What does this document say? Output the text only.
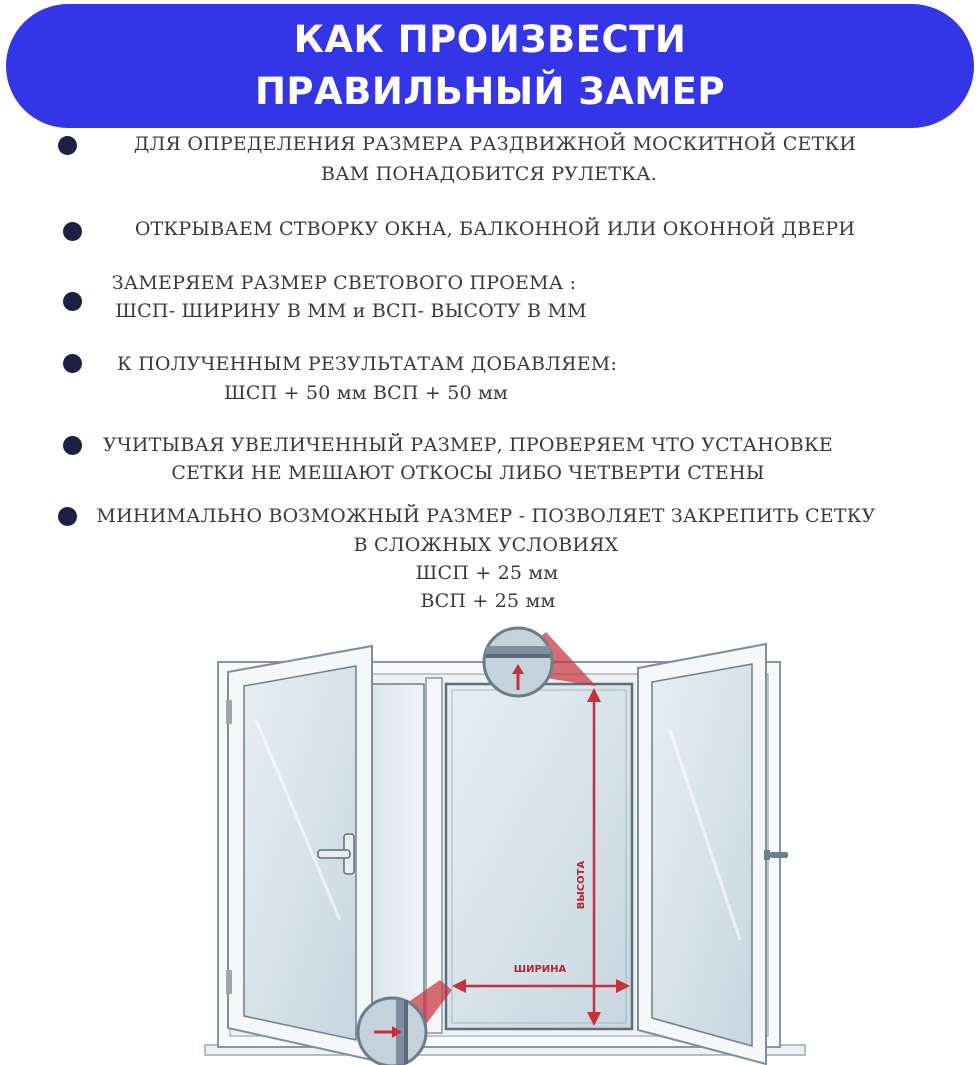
КАК ПРОИЗВЕСТИ
ПРАВИЛЬНЫЙ ЗАМЕР
ДЛЯ ОПРЕДЕЛЕНИЯ РАЗМЕРА РАЗДВИЖНОЙ МОСКИТНОЙ СЕТКИ
ВАМ ПОНАДОБИТСЯ РУЛЕТКА.
ОТКРЫВАЕМ СТВОРКУ ОКНА, БАЛКОННОЙ ИЛИ ОКОННОЙ ДВЕРИ
ЗАМЕРЯЕМ РАЗМЕР СВЕТОВОГО ПРОЕМА :
ШСП- ШИРИНУ В ММ и ВСП- ВЫСОТУ В ММ
К ПОЛУЧЕННЫМ РЕЗУЛЬТАТАМ ДОБАВЛЯЕМ:
ШСП + 50 мм ВСП + 50 мм
УЧИТЫВАЯ УВЕЛИЧЕННЫЙ РАЗМЕР, ПРОВЕРЯЕМ ЧТО УСТАНОВКЕ
СЕТКИ НЕ МЕШАЮТ ОТКОСЫ ЛИБО ЧЕТВЕРТИ СТЕНЫ
МИНИМАЛЬНО ВОЗМОЖНЫЙ РАЗМЕР - ПОЗВОЛЯЕТ ЗАКРЕПИТЬ СЕТКУ
В СЛОЖНЫХ УСЛОВИЯХ
ШСП + 25 мм
ВСП + 25 мм
ВЫСОТА
ШИРИНА
